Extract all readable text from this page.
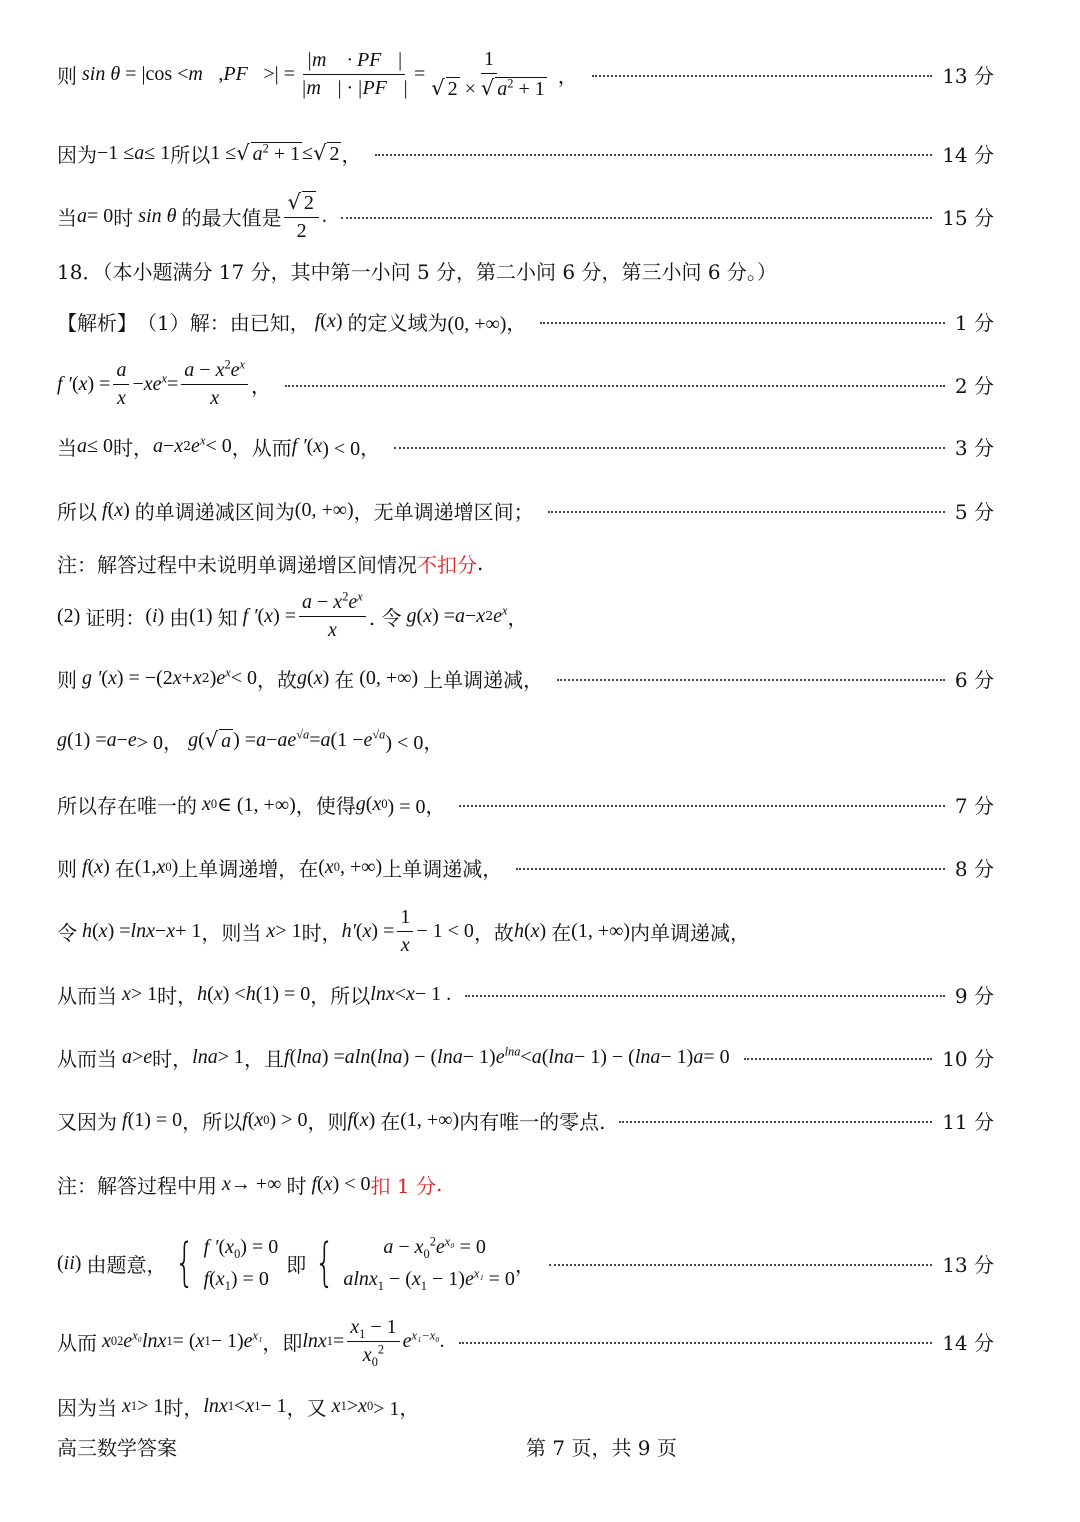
则 sin θ = |cos < m⃗ , PF⃗ >| = $\frac{|m⃗ \cdot PF⃗|}{|m⃗| \cdot |PF⃗|} = \frac{1}{√ 2 \times √ a^2 + 1}$ ，	13 分
因为 −1 ≤ a ≤ 1 所以 1 ≤ √ $a^2 + 1$ ≤ √ 2 ，	14 分
当 a = 0 时 sin θ 的最大值是 $\frac{√ 2}{2}$ .	15 分
18．（本小题满分 17 分，其中第一小问 5 分，第二小问 6 分，第三小问 6 分。）
【解析】 （1）解：由已知， f ( x ) 的定义域为 (0, +∞)，	1 分
f ′ ( x ) = $\frac{a}{x} - xe^x = \frac{a - x^2e^x}{x}$ ，	2 分
当 a ≤ 0 时， a − x 2 $e^x < 0$ ，从而 f ′ ( x ) < 0，	3 分
所以 f ( x ) 的单调递减区间为 (0, +∞) ，无单调递增区间；	5 分
注：解答过程中未说明单调递增区间情况 不扣分 .
(2) 证明： ( i ) 由 (1) 知 f ′ ( x ) = $\frac{a - x^2e^x}{x}$ . 令 g ( x ) = a − x 2 $e^x$ ，
则 g ' ( x ) = −(2 x + x 2 ) $e^x < 0$ ，故 g ( x ) 在 (0, +∞) 上单调递减，	6 分
g (1) = a − e > 0， g ( √ a ) = $a - ae^{√a} = a$ ($1 - e^{√a}$ ) < 0，
所以存在唯一的 x 0 ∈ (1, +∞) ，使得 g ( x 0 ) = 0，	7 分
则 f ( x ) 在 (1, x 0 ) 上单调递增，在 ( x 0 , +∞) 上单调递减，	8 分
令 h ( x ) = lnx − x + 1 ，则当 x > 1 时， h' ( x ) = $\frac{1}{x} - 1 < 0$ ，故 h ( x ) 在 (1, +∞) 内单调递减，
从而当 x > 1 时， h ( x ) < h (1) = 0 ，所以 lnx < x − 1 .	9 分
从而当 a > e 时， lna > 1 ，且 f ( lna ) = aln ( lna ) − ( lna − 1) $e^{lna} < a$ ( lna − 1) − ( lna − 1) a = 0	10 分
又因为 f (1) = 0 ，所以 f ( x 0 ) > 0 ，则 f ( x ) 在 (1, +∞) 内有唯一的零点.	11 分
注：解答过程中用 x → +∞ 时 f ( x ) < 0 扣 1 分 .
( ii ) 由题意， { f $'(x_0) = 0$
$f(x_1) = 0$
即 {	$a - x_0^2e^{x_0} = 0$
$alnx_1 - (x_1 - 1)e^{x_1} = 0$
，	13 分
从而 x 0 2 $e^{x_0}\ln x$ 1 = ( x 1 − 1) $e^{x_1}$ ，即 lnx $1 = \frac{x_1 - 1}{x_0^2} e^{x_1-x_0}$ .	14 分
因为当 x 1 > 1 时， lnx 1 < x 1 − 1 ，又 x 1 > x 0 > 1，
高三数学答案	第 7 页，共 9 页
